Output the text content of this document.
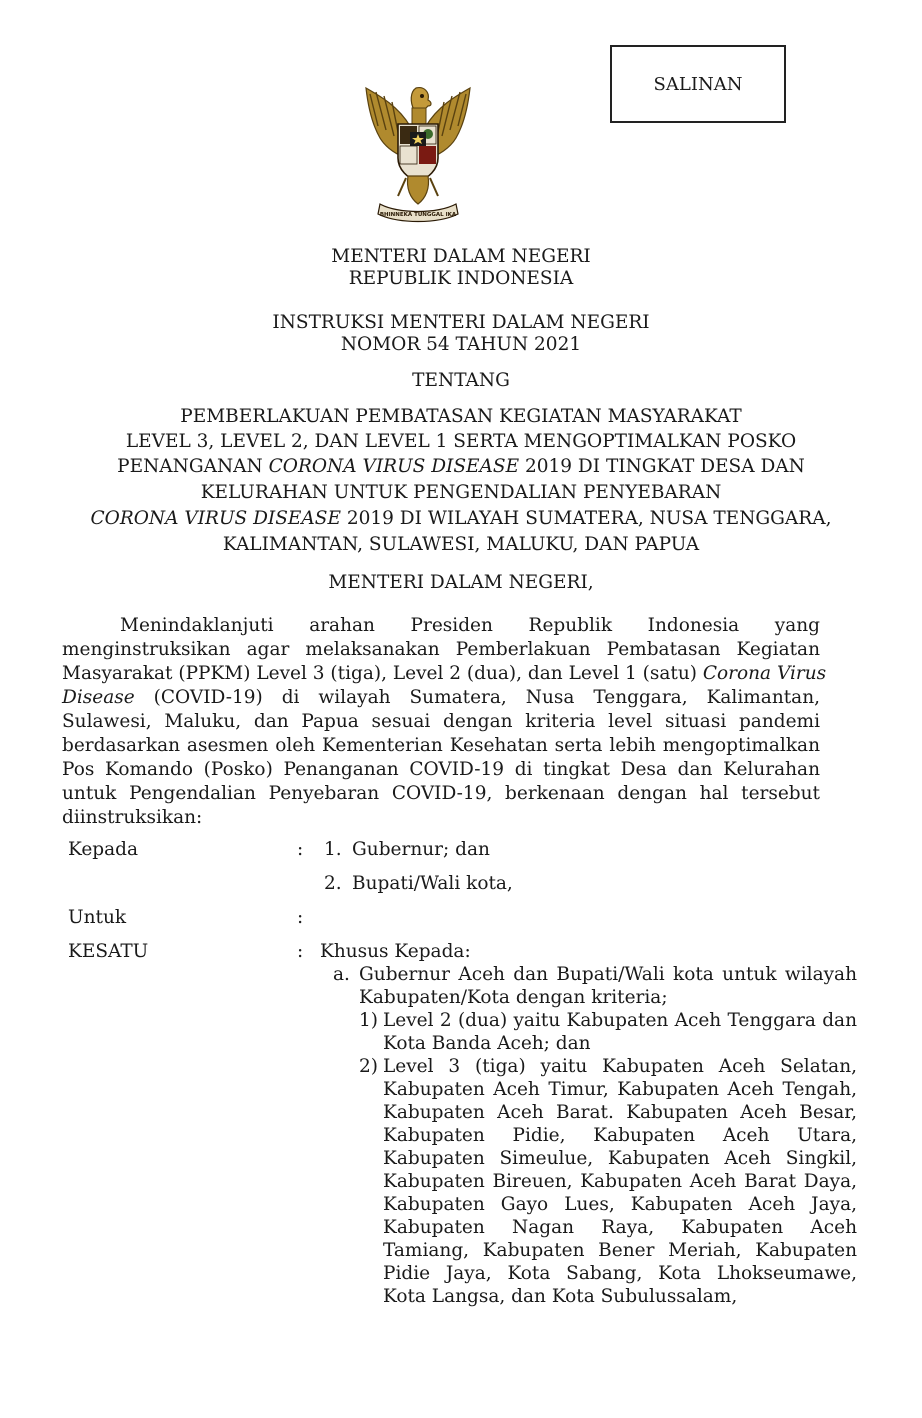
SALINAN
BHINNEKA TUNGGAL IKA
MENTERI DALAM NEGERI
REPUBLIK INDONESIA
INSTRUKSI MENTERI DALAM NEGERI
NOMOR 54 TAHUN 2021
TENTANG
PEMBERLAKUAN PEMBATASAN KEGIATAN MASYARAKAT
LEVEL 3, LEVEL 2, DAN LEVEL 1 SERTA MENGOPTIMALKAN POSKO
PENANGANAN CORONA VIRUS DISEASE 2019 DI TINGKAT DESA DAN
KELURAHAN UNTUK PENGENDALIAN PENYEBARAN
CORONA VIRUS DISEASE 2019 DI WILAYAH SUMATERA, NUSA TENGGARA,
KALIMANTAN, SULAWESI, MALUKU, DAN PAPUA
MENTERI DALAM NEGERI,
Menindaklanjuti arahan Presiden Republik Indonesia yang
menginstruksikan agar melaksanakan Pemberlakuan Pembatasan Kegiatan
Masyarakat (PPKM) Level 3 (tiga), Level 2 (dua), dan Level 1 (satu) Corona Virus
Disease (COVID-19) di wilayah Sumatera, Nusa Tenggara, Kalimantan,
Sulawesi, Maluku, dan Papua sesuai dengan kriteria level situasi pandemi
berdasarkan asesmen oleh Kementerian Kesehatan serta lebih mengoptimalkan
Pos Komando (Posko) Penanganan COVID-19 di tingkat Desa dan Kelurahan
untuk Pengendalian Penyebaran COVID-19, berkenaan dengan hal tersebut
diinstruksikan:
Kepada	: 1. Gubernur; dan
2. Bupati/Wali kota,
Untuk	:
KESATU	: Khusus Kepada:
a. Gubernur Aceh dan Bupati/Wali kota untuk wilayah
Kabupaten/Kota dengan kriteria;
1) Level 2 (dua) yaitu Kabupaten Aceh Tenggara dan
Kota Banda Aceh; dan
2) Level 3 (tiga) yaitu Kabupaten Aceh Selatan,
Kabupaten Aceh Timur, Kabupaten Aceh Tengah,
Kabupaten Aceh Barat. Kabupaten Aceh Besar,
Kabupaten Pidie, Kabupaten Aceh Utara,
Kabupaten Simeulue, Kabupaten Aceh Singkil,
Kabupaten Bireuen, Kabupaten Aceh Barat Daya,
Kabupaten Gayo Lues, Kabupaten Aceh Jaya,
Kabupaten Nagan Raya, Kabupaten Aceh
Tamiang, Kabupaten Bener Meriah, Kabupaten
Pidie Jaya, Kota Sabang, Kota Lhokseumawe,
Kota Langsa, dan Kota Subulussalam,
